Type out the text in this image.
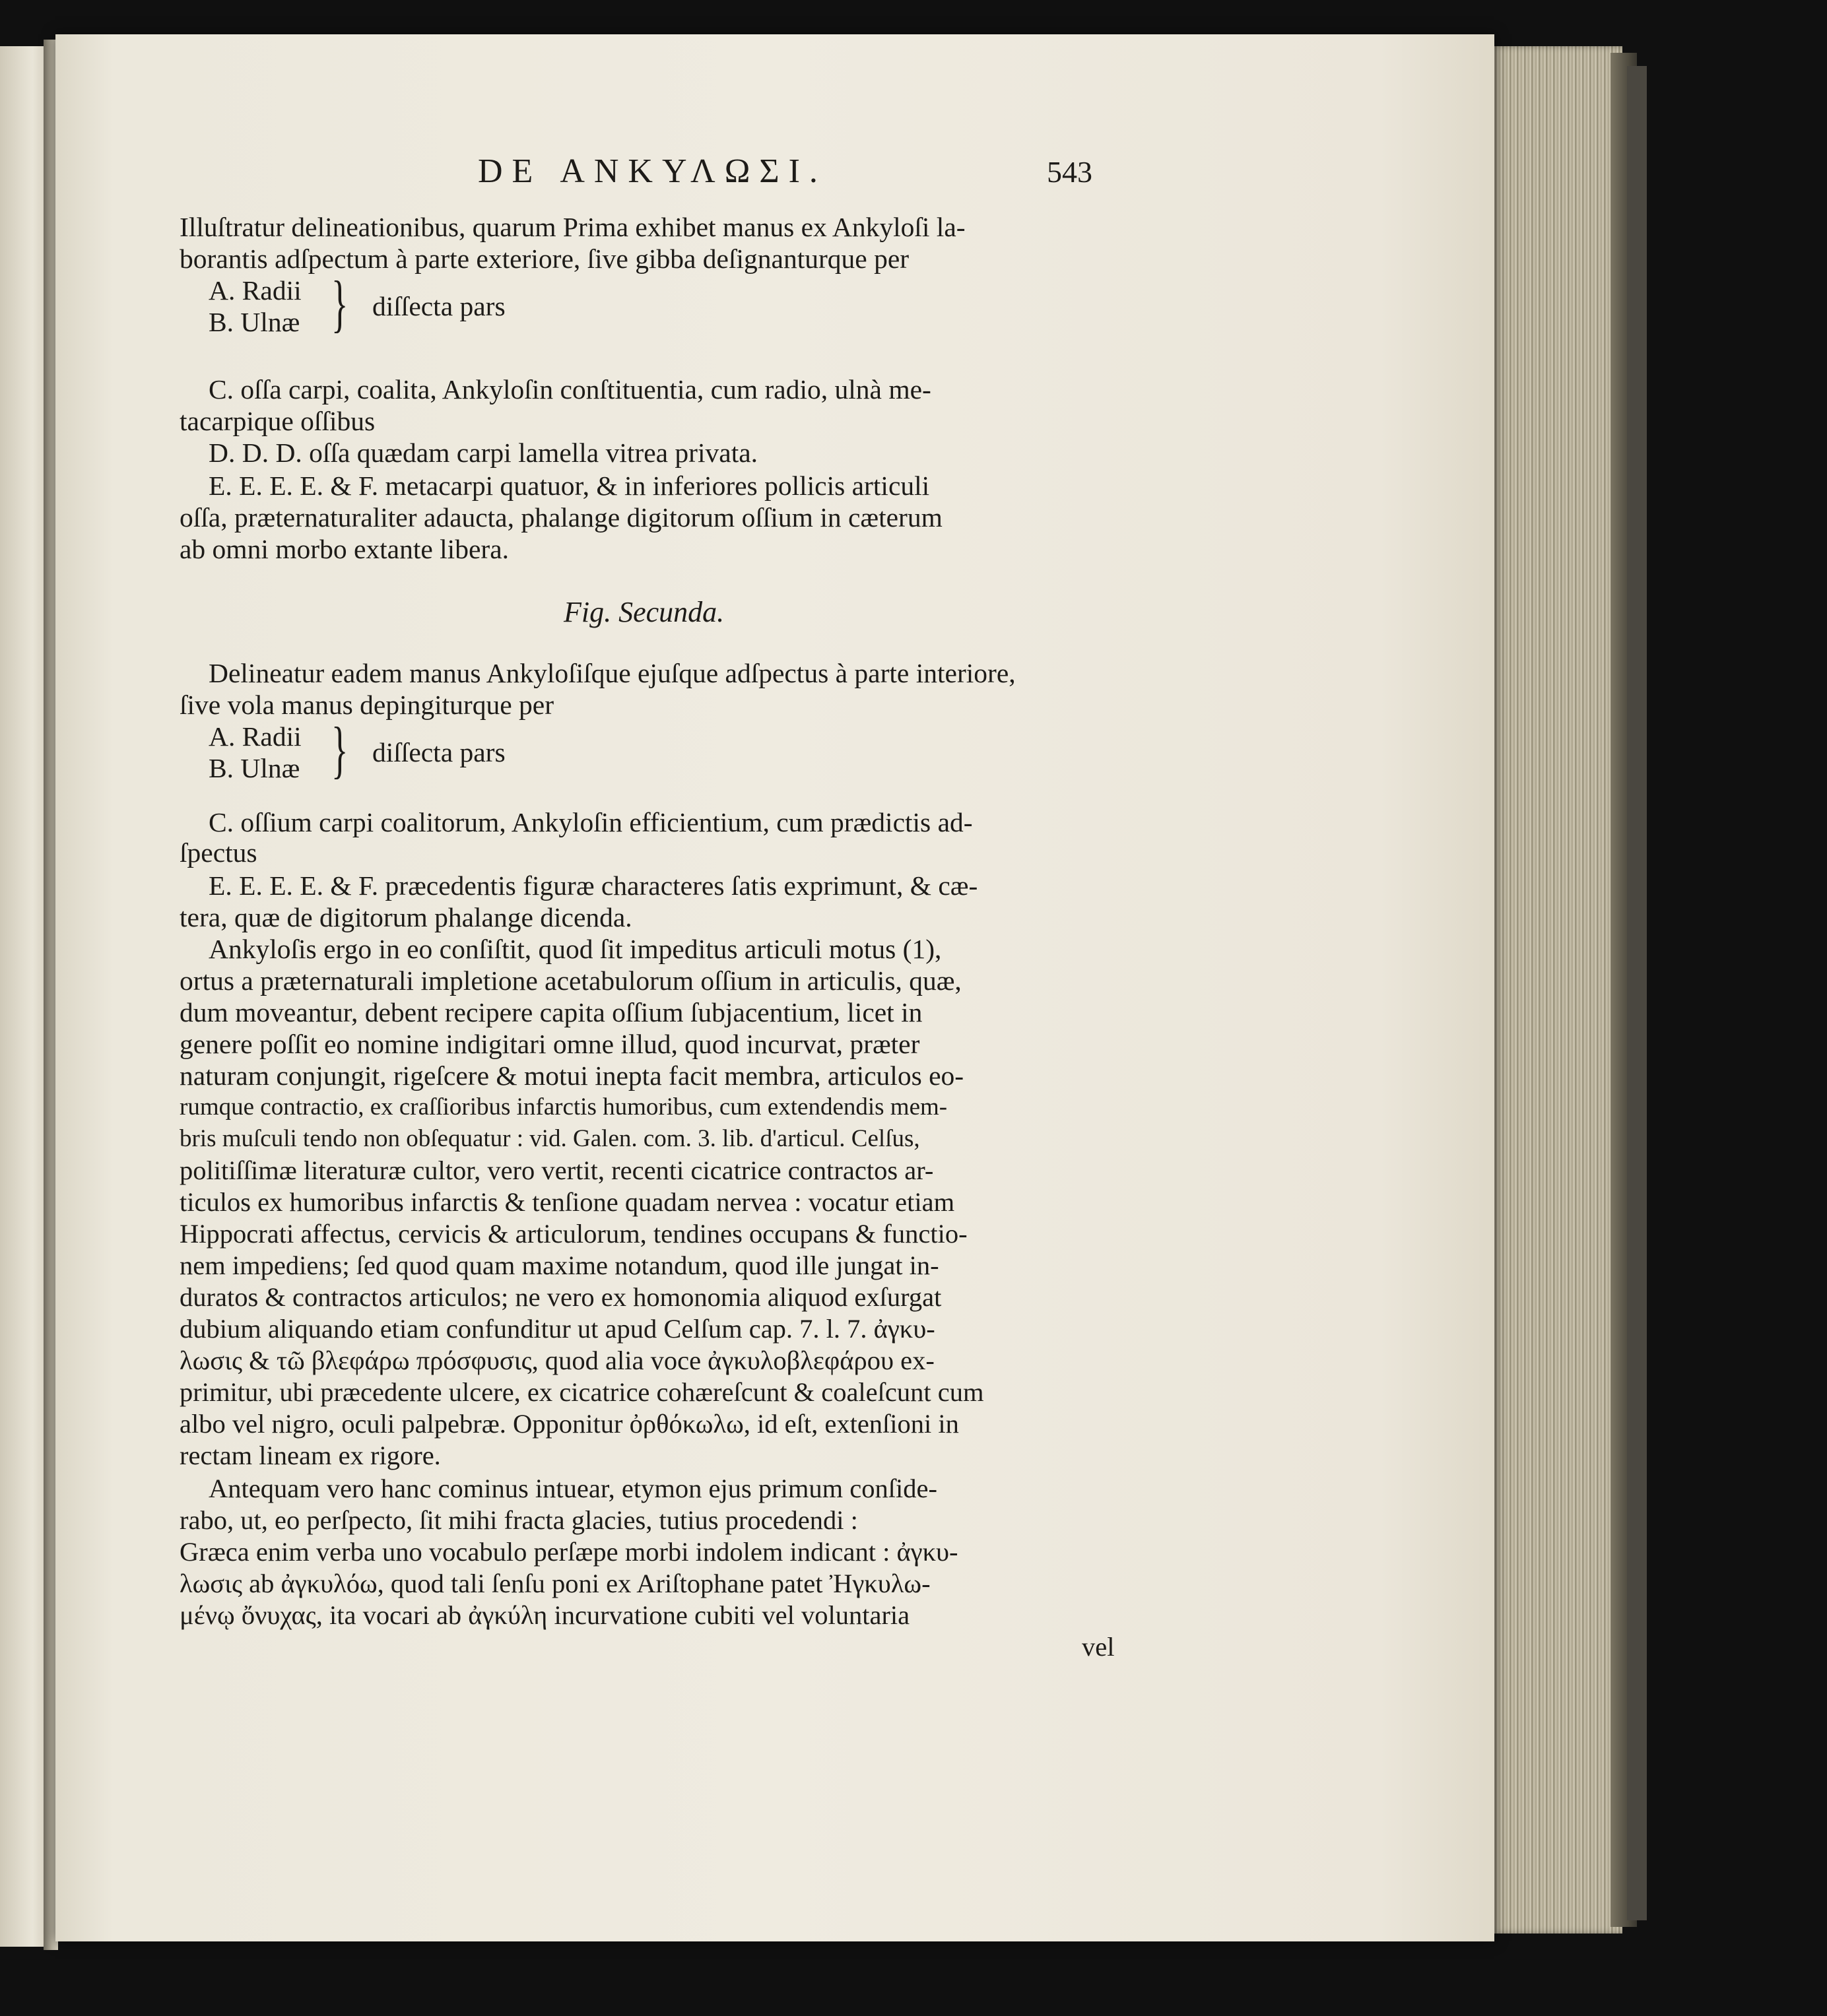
DE ΑΝΚΥΛΩΣΙ.	543
Illuſtratur delineationibus, quarum Prima exhibet manus ex Ankyloſi la-
borantis adſpectum à parte exteriore, ſive gibba deſignanturque per
C. oſſa carpi, coalita, Ankyloſin conſtituentia, cum radio, ulnà me-
tacarpique oſſibus
D. D. D. oſſa quædam carpi lamella vitrea privata.
E. E. E. E. & F. metacarpi quatuor, & in inferiores pollicis articuli
oſſa, præternaturaliter adaucta, phalange digitorum oſſium in cæterum
ab omni morbo extante libera.
Delineatur eadem manus Ankyloſiſque ejuſque adſpectus à parte interiore,
ſive vola manus depingiturque per
C. oſſium carpi coalitorum, Ankyloſin efficientium, cum prædictis ad-
ſpectus
E. E. E. E. & F. præcedentis figuræ characteres ſatis exprimunt, & cæ-
tera, quæ de digitorum phalange dicenda.
Ankyloſis ergo in eo conſiſtit, quod ſit impeditus articuli motus (1),
ortus a præternaturali impletione acetabulorum oſſium in articulis, quæ,
dum moveantur, debent recipere capita oſſium ſubjacentium, licet in
genere poſſit eo nomine indigitari omne illud, quod incurvat, præter
naturam conjungit, rigeſcere & motui inepta facit membra, articulos eo-
rumque contractio, ex craſſioribus infarctis humoribus, cum extendendis mem-
bris muſculi tendo non obſequatur : vid. Galen. com. 3. lib. d'articul. Celſus,
politiſſimæ literaturæ cultor, vero vertit, recenti cicatrice contractos ar-
ticulos ex humoribus infarctis & tenſione quadam nervea : vocatur etiam
Hippocrati affectus, cervicis & articulorum, tendines occupans & functio-
nem impediens; ſed quod quam maxime notandum, quod ille jungat in-
duratos & contractos articulos; ne vero ex homonomia aliquod exſurgat
dubium aliquando etiam confunditur ut apud Celſum cap. 7. l. 7. ἀγκυ-
λωσις & τῶ βλεφάρω πρόσφυσις, quod alia voce ἀγκυλοβλεφάρου ex-
primitur, ubi præcedente ulcere, ex cicatrice cohæreſcunt & coaleſcunt cum
albo vel nigro, oculi palpebræ. Opponitur ὀρθόκωλω, id eſt, extenſioni in
rectam lineam ex rigore.
Antequam vero hanc cominus intuear, etymon ejus primum conſide-
rabo, ut, eo perſpecto, ſit mihi fracta glacies, tutius procedendi :
Græca enim verba uno vocabulo perſæpe morbi indolem indicant : ἀγκυ-
λωσις ab ἀγκυλόω, quod tali ſenſu poni ex Ariſtophane patet Ἠγκυλω-
μένῳ ὄνυχας, ita vocari ab ἀγκύλη incurvatione cubiti vel voluntaria
vel
A. Radii
B. Ulnæ } diſſecta pars
Fig. Secunda.
A. Radii
B. Ulnæ } diſſecta pars
